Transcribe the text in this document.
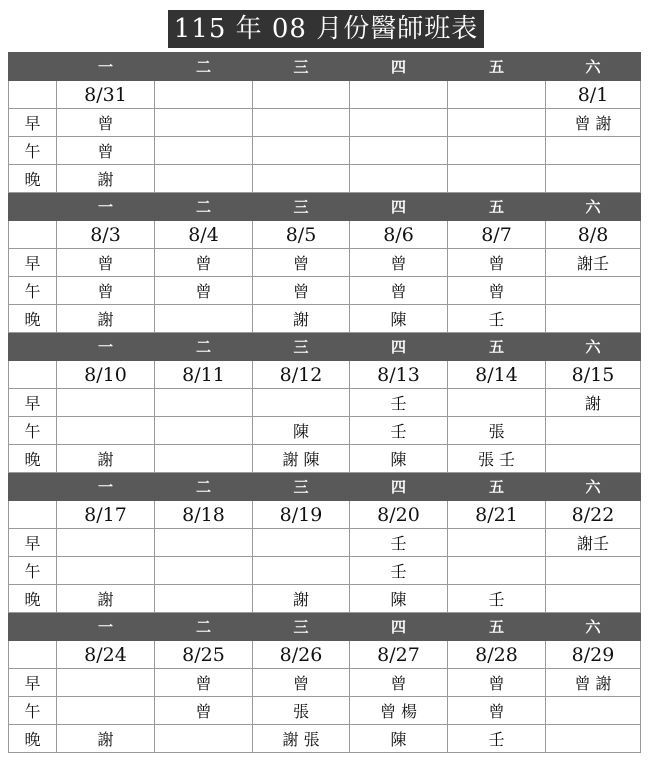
115 年 08 月份醫師班表
	一	二	三	四	五	六
	8/31					8/1
早	曾					曾 謝
午	曾					
晚	謝					
	一	二	三	四	五	六
	8/3	8/4	8/5	8/6	8/7	8/8
早	曾	曾	曾	曾	曾	謝壬
午	曾	曾	曾	曾	曾	
晚	謝		謝	陳	壬	
	一	二	三	四	五	六
	8/10	8/11	8/12	8/13	8/14	8/15
早				壬		謝
午			陳	壬	張	
晚	謝		謝 陳	陳	張 壬	
	一	二	三	四	五	六
	8/17	8/18	8/19	8/20	8/21	8/22
早				壬		謝壬
午				壬		
晚	謝		謝	陳	壬	
	一	二	三	四	五	六
	8/24	8/25	8/26	8/27	8/28	8/29
早		曾	曾	曾	曾	曾 謝
午		曾	張	曾 楊	曾	
晚	謝		謝 張	陳	壬	
